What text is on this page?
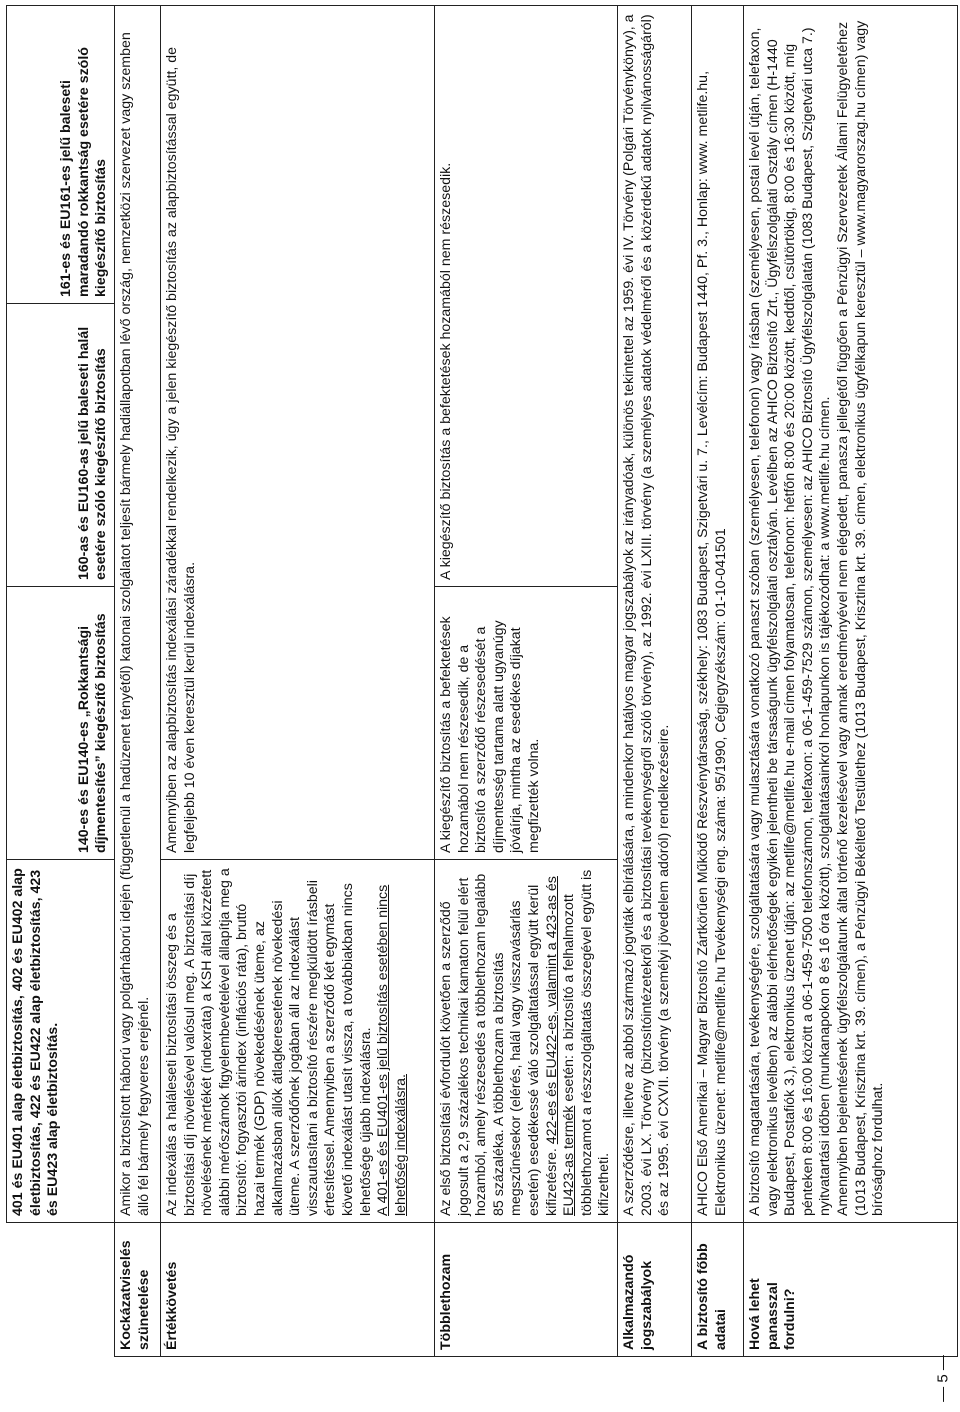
	401 és EU401 alap életbiztosítás, 402 és EU402 alap életbiztosítás, 422 és EU422 alap életbiztosítás, 423 és EU423 alap életbiztosítás.	140-es és EU140-es „Rokkantsági díjmentesítés” kiegészítő biztosítás	160-as és EU160-as jelű baleseti halál esetére szóló kiegészítő biztosítás	161-es és EU161-es jelű baleseti maradandó rokkantság esetére szóló kiegészítő biztosítás
Kockázatviselés szünetelése	Amikor a biztosított háború vagy polgárháború idején (függetlenül a hadüzenet tényétől) katonai szolgálatot teljesít bármely hadiállapotban lévő ország, nemzetközi szervezet vagy szemben álló fél bármely fegyveres erejénél.			
Értékkövetés	Az indexálás a haláleseti biztosítási összeg és a biztosítási díj növelésével valósul meg. A biztosítási díj növelésének mértékét (indexráta) a KSH által közzétett alábbi mérőszámok figyelembevételével állapítja meg a biztosító: fogyasztói árindex (inflációs ráta), bruttó hazai termék (GDP) növekedésének üteme, az alkalmazásban állók átlagkeresetének növekedési üteme. A szerződőnek jogában áll az indexálást visszautasítani a biztosító részére megküldött írásbeli értesítéssel. Amennyiben a szerződő két egymást követő indexálást utasít vissza, a továbbiakban nincs lehetősége újabb indexálásra. A 401-es és EU401-es jelű biztosítás esetében nincs lehetőség indexálásra.	Amennyiben az alapbiztosítás indexálási záradékkal rendelkezik, úgy a jelen kiegészítő biztosítás az alapbiztosítással együtt, de legfeljebb 10 éven keresztül kerül indexálásra.		
Többlethozam	Az első biztosítási évfordulót követően a szerződő jogosult a 2,9 százalékos technikai kamaton felül elért hozamból, amely részesedés a többlethozam legalább 85 százaléka. A többlethozam a biztosítás megszűnésekor (elérés, halál vagy visszavásárlás esetén) esedékessé váló szolgáltatással együtt kerül kifizetésre. 422-es és EU422-es, valamint a 423-as és EU423-as termék esetén: a biztosító a felhalmozott többlethozamot a részszolgáltatás összegével együtt is kifizetheti.	A kiegészítő biztosítás a befektetések hozamából nem részesedik, de a biztosító a szerződő részesedését a díjmentesség tartama alatt ugyanúgy jóváírja, mintha az esedékes díjakat megfizették volna.	A kiegészítő biztosítás a befektetések hozamából nem részesedik.	
Alkalmazandó jogszabályok	A szerződésre, illetve az abból származó jogviták elbírálására, a mindenkor hatályos magyar jogszabályok az irányadóak, különös tekintettel az 1959. évi IV. Törvény (Polgári Törvénykönyv), a 2003. évi LX. Törvény (biztosítóintézetekről és a biztosítási tevékenységről szóló törvény), az 1992. évi LXIII. törvény (a személyes adatok védelméről és a közérdekű adatok nyilvánosságáról) és az 1995. évi CXVII. törvény (a személyi jövedelem adóról) rendelkezéseire.			
A biztosító főbb adatai	AHICO Első Amerikai – Magyar Biztosító Zártkörűen Működő Részvénytársaság, székhely: 1083 Budapest, Szigetvári u. 7., Levélcím: Budapest 1440, Pf. 3., Honlap: www. metlife.hu, Elektronikus üzenet: metlife@metlife.hu Tevékenységi eng. száma: 95/1990, Cégjegyzékszám: 01-10-041501			
Hová lehet panasszal fordulni?	A biztosító magatartására, tevékenységére, szolgáltatására vagy mulasztására vonatkozó panaszt szóban (személyesen, telefonon) vagy írásban (személyesen, postai levél útján, telefaxon, vagy elektronikus levélben) az alábbi elérhetőségek egyikén jelentheti be társaságunk ügyfélszolgálati osztályán. Levélben az AHICO Biztosító Zrt., Ügyfélszolgálati Osztály címen (H-1440 Budapest, Postafiók 3.), elektronikus üzenet útján: az metlife@metlife.hu e-mail címen folyamatosan, telefonon: hétfőn 8:00 és 20:00 között, keddtől, csütörtökig, 8:00 és 16:30 között, míg pénteken 8:00 és 16:00 között a 06-1-459-7500 telefonszámon, telefaxon: a 06-1-459-7529 számon, személyesen: az AHICO Biztosító Ügyfélszolgálatán (1083 Budapest, Szigetvári utca 7.) nyitvatartási időben (munkanapokon 8 és 16 óra között), szolgáltatásainkról honlapunkon is tájékozódhat: a www.metlife.hu címen. Amennyiben bejelentésének ügyfélszolgálatunk által történő kezelésével vagy annak eredményével nem elégedett, panasza jellegétől függően a Pénzügyi Szervezetek Állami Felügyeletéhez (1013 Budapest, Krisztina krt. 39. címen), a Pénzügyi Békéltető Testülethez (1013 Budapest, Krisztina krt. 39. címen, elektronikus ügyfélkapun keresztül – www.magyarorszag.hu címen) vagy bírósághoz fordulhat.			
— 5 —
